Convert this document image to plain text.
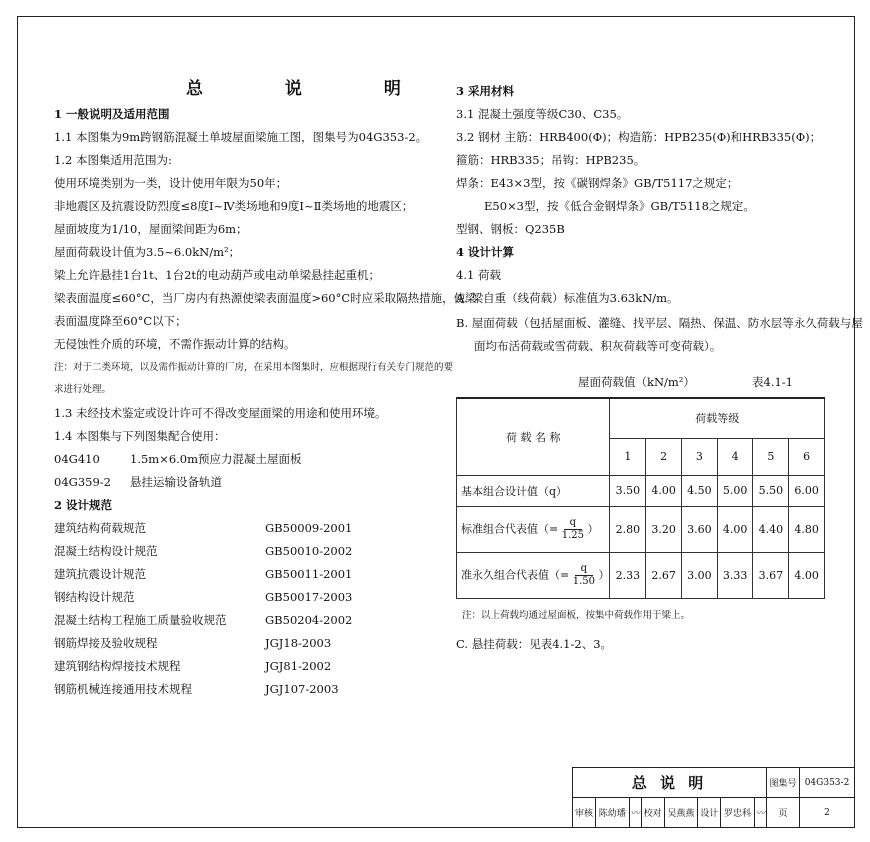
总 说 明
1 一般说明及适用范围
1.1 本图集为9m跨钢筋混凝土单坡屋面梁施工图，图集号为04G353-2。
1.2 本图集适用范围为:
使用环境类别为一类，设计使用年限为50年；
非地震区及抗震设防烈度≤8度Ⅰ~Ⅳ类场地和9度Ⅰ~Ⅱ类场地的地震区；
屋面坡度为1/10，屋面梁间距为6m；
屋面荷载设计值为3.5~6.0kN/m²；
梁上允许悬挂1台1t、1台2t的电动葫芦或电动单梁悬挂起重机；
梁表面温度≤60°C，当厂房内有热源使梁表面温度>60°C时应采取隔热措施，使梁
表面温度降至60°C以下；
无侵蚀性介质的环境，不需作振动计算的结构。
注：对于二类环境，以及需作振动计算的厂房，在采用本图集时，应根据现行有关专门规范的要
求进行处理。
1.3 未经技术鉴定或设计许可不得改变屋面梁的用途和使用环境。
1.4 本图集与下列图集配合使用：
04G410	1.5m×6.0m预应力混凝土屋面板
04G359-2 悬挂运输设备轨道
2 设计规范
建筑结构荷载规范	GB50009-2001
混凝土结构设计规范	GB50010-2002
建筑抗震设计规范	GB50011-2001
钢结构设计规范	GB50017-2003
混凝土结构工程施工质量验收规范	GB50204-2002
钢筋焊接及验收规程	JGJ18-2003
建筑钢结构焊接技术规程	JGJ81-2002
钢筋机械连接通用技术规程	JGJ107-2003
3 采用材料
3.1 混凝土强度等级C30、C35。
3.2 钢材 主筋：HRB400(Φ)；构造筋：HPB235(Φ)和HRB335(Φ)；
箍筋：HRB335；吊钩：HPB235。
焊条：E43×3型，按《碳钢焊条》GB/T5117之规定；
E50×3型，按《低合金钢焊条》GB/T5118之规定。
型钢、钢板：Q235B
4 设计计算
4.1 荷载
A. 梁自重（线荷载）标准值为3.63kN/m。
B. 屋面荷载（包括屋面板、灌缝、找平层、隔热、保温、防水层等永久荷载与屋
面均布活荷载或雪荷载、积灰荷载等可变荷载）。
屋面荷载值（kN/m²）	表4.1-1
荷 载 名 称	荷载等级					
	1	2	3	4	5	6
基本组合设计值（q）	3.50	4.00	4.50	5.00	5.50	6.00
标准组合代表值（= $\frac{q}{1.25}$ ）	2.80	3.20	3.60	4.00	4.40	4.80
准永久组合代表值（= $\frac{q}{1.50}$ ）	2.33	2.67	3.00	3.33	3.67	4.00
注：以上荷载均通过屋面板，按集中荷载作用于梁上。
C. 悬挂荷载：见表4.1-2、3。
总 说 明								图集号	04G353-2
审核	陈幼璠	〰	校对	吴燕燕	设计	罗忠科	〰	页	2
